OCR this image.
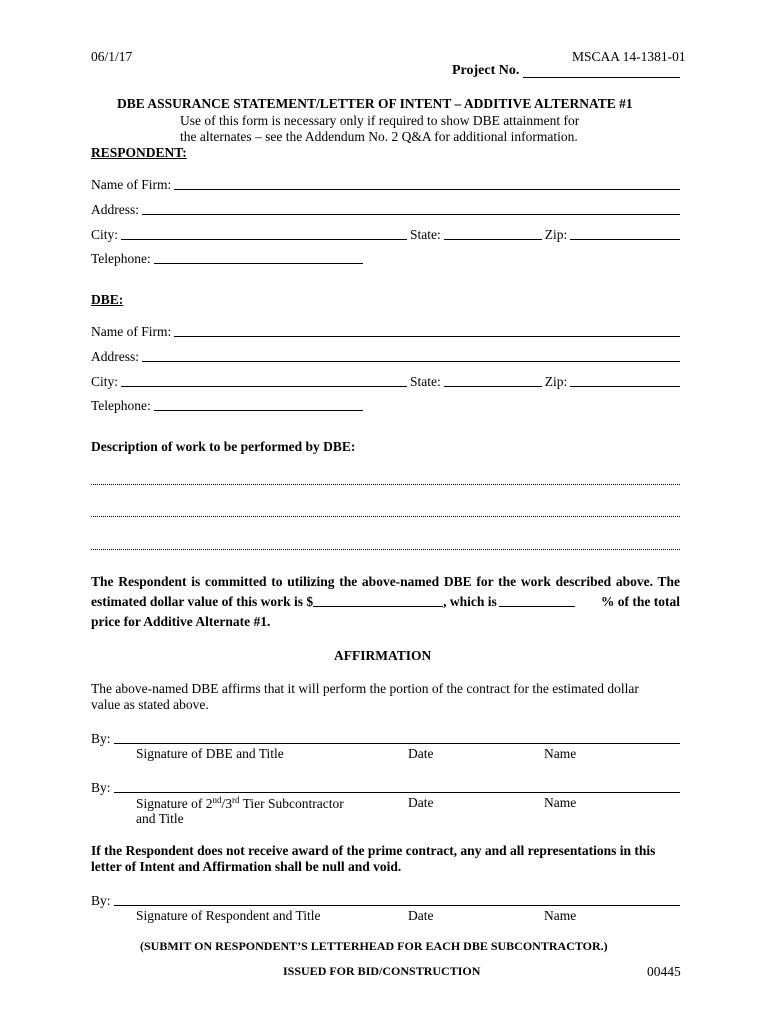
06/1/17	MSCAA 14-1381-01
Project No.
DBE ASSURANCE STATEMENT/LETTER OF INTENT – ADDITIVE ALTERNATE #1
Use of this form is necessary only if required to show DBE attainment for
the alternates – see the Addendum No. 2 Q&A for additional information.
RESPONDENT:
Name of Firm:
Address:
City:	State:	Zip:
Telephone:
DBE:
Name of Firm:
Address:
City:	State:	Zip:
Telephone:
Description of work to be performed by DBE:
The Respondent is committed to utilizing the above-named DBE for the work described above. The
estimated dollar value of this work is $	, which is	% of the total
price for Additive Alternate #1.
AFFIRMATION
The above-named DBE affirms that it will perform the portion of the contract for the estimated dollar
value as stated above.
By:
Signature of DBE and Title	Date	Name
By:
Signature of 2nd/3rd Tier Subcontractor
and Title
Date	Name
If the Respondent does not receive award of the prime contract, any and all representations in this
letter of Intent and Affirmation shall be null and void.
By:
Signature of Respondent and Title	Date	Name
(SUBMIT ON RESPONDENT’S LETTERHEAD FOR EACH DBE SUBCONTRACTOR.)
ISSUED FOR BID/CONSTRUCTION	00445
